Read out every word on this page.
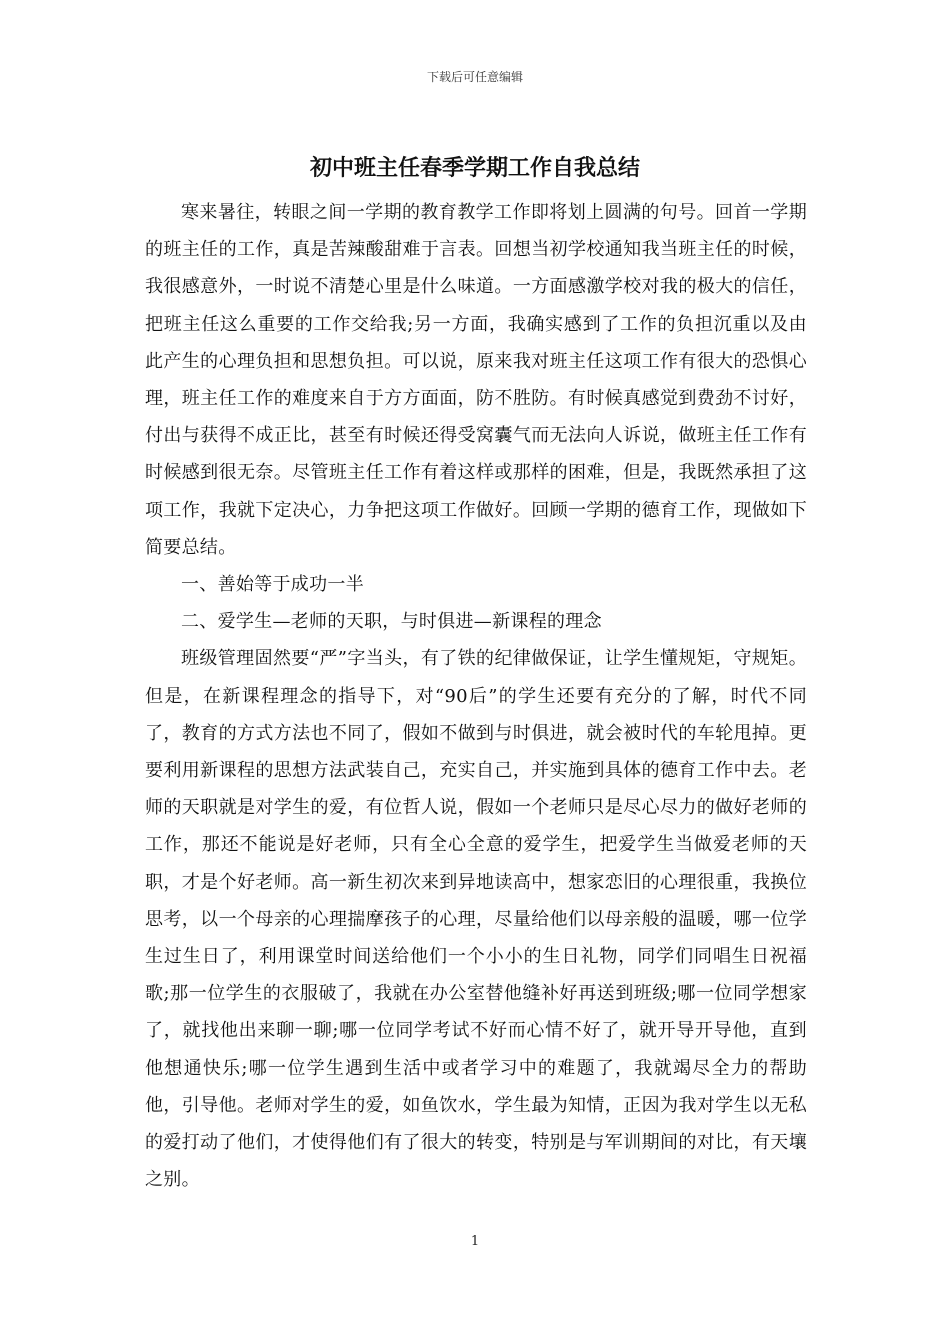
下载后可任意编辑
初中班主任春季学期工作自我总结

寒来暑往，转眼之间一学期的教育教学工作即将划上圆满的句号。回首一学期的班主任的工作，真是苦辣酸甜难于言表。回想当初学校通知我当班主任的时候，我很感意外，一时说不清楚心里是什么味道。一方面感激学校对我的极大的信任，把班主任这么重要的工作交给我;另一方面，我确实感到了工作的负担沉重以及由此产生的心理负担和思想负担。可以说，原来我对班主任这项工作有很大的恐惧心理，班主任工作的难度来自于方方面面，防不胜防。有时候真感觉到费劲不讨好，付出与获得不成正比，甚至有时候还得受窝囊气而无法向人诉说，做班主任工作有时候感到很无奈。尽管班主任工作有着这样或那样的困难，但是，我既然承担了这项工作，我就下定决心，力争把这项工作做好。回顾一学期的德育工作，现做如下简要总结。

一、善始等于成功一半

二、爱学生—老师的天职，与时俱进—新课程的理念

班级管理固然要“严”字当头，有了铁的纪律做保证，让学生懂规矩，守规矩。但是，在新课程理念的指导下，对“90后”的学生还要有充分的了解，时代不同了，教育的方式方法也不同了，假如不做到与时俱进，就会被时代的车轮甩掉。更要利用新课程的思想方法武装自己，充实自己，并实施到具体的德育工作中去。老师的天职就是对学生的爱，有位哲人说，假如一个老师只是尽心尽力的做好老师的工作，那还不能说是好老师，只有全心全意的爱学生，把爱学生当做爱老师的天职，才是个好老师。高一新生初次来到异地读高中，想家恋旧的心理很重，我换位思考，以一个母亲的心理揣摩孩子的心理，尽量给他们以母亲般的温暖，哪一位学生过生日了，利用课堂时间送给他们一个小小的生日礼物，同学们同唱生日祝福歌;那一位学生的衣服破了，我就在办公室替他缝补好再送到班级;哪一位同学想家了，就找他出来聊一聊;哪一位同学考试不好而心情不好了，就开导开导他，直到他想通快乐;哪一位学生遇到生活中或者学习中的难题了，我就竭尽全力的帮助他，引导他。老师对学生的爱，如鱼饮水，学生最为知情，正因为我对学生以无私的爱打动了他们，才使得他们有了很大的转变，特别是与军训期间的对比，有天壤之别。

1
